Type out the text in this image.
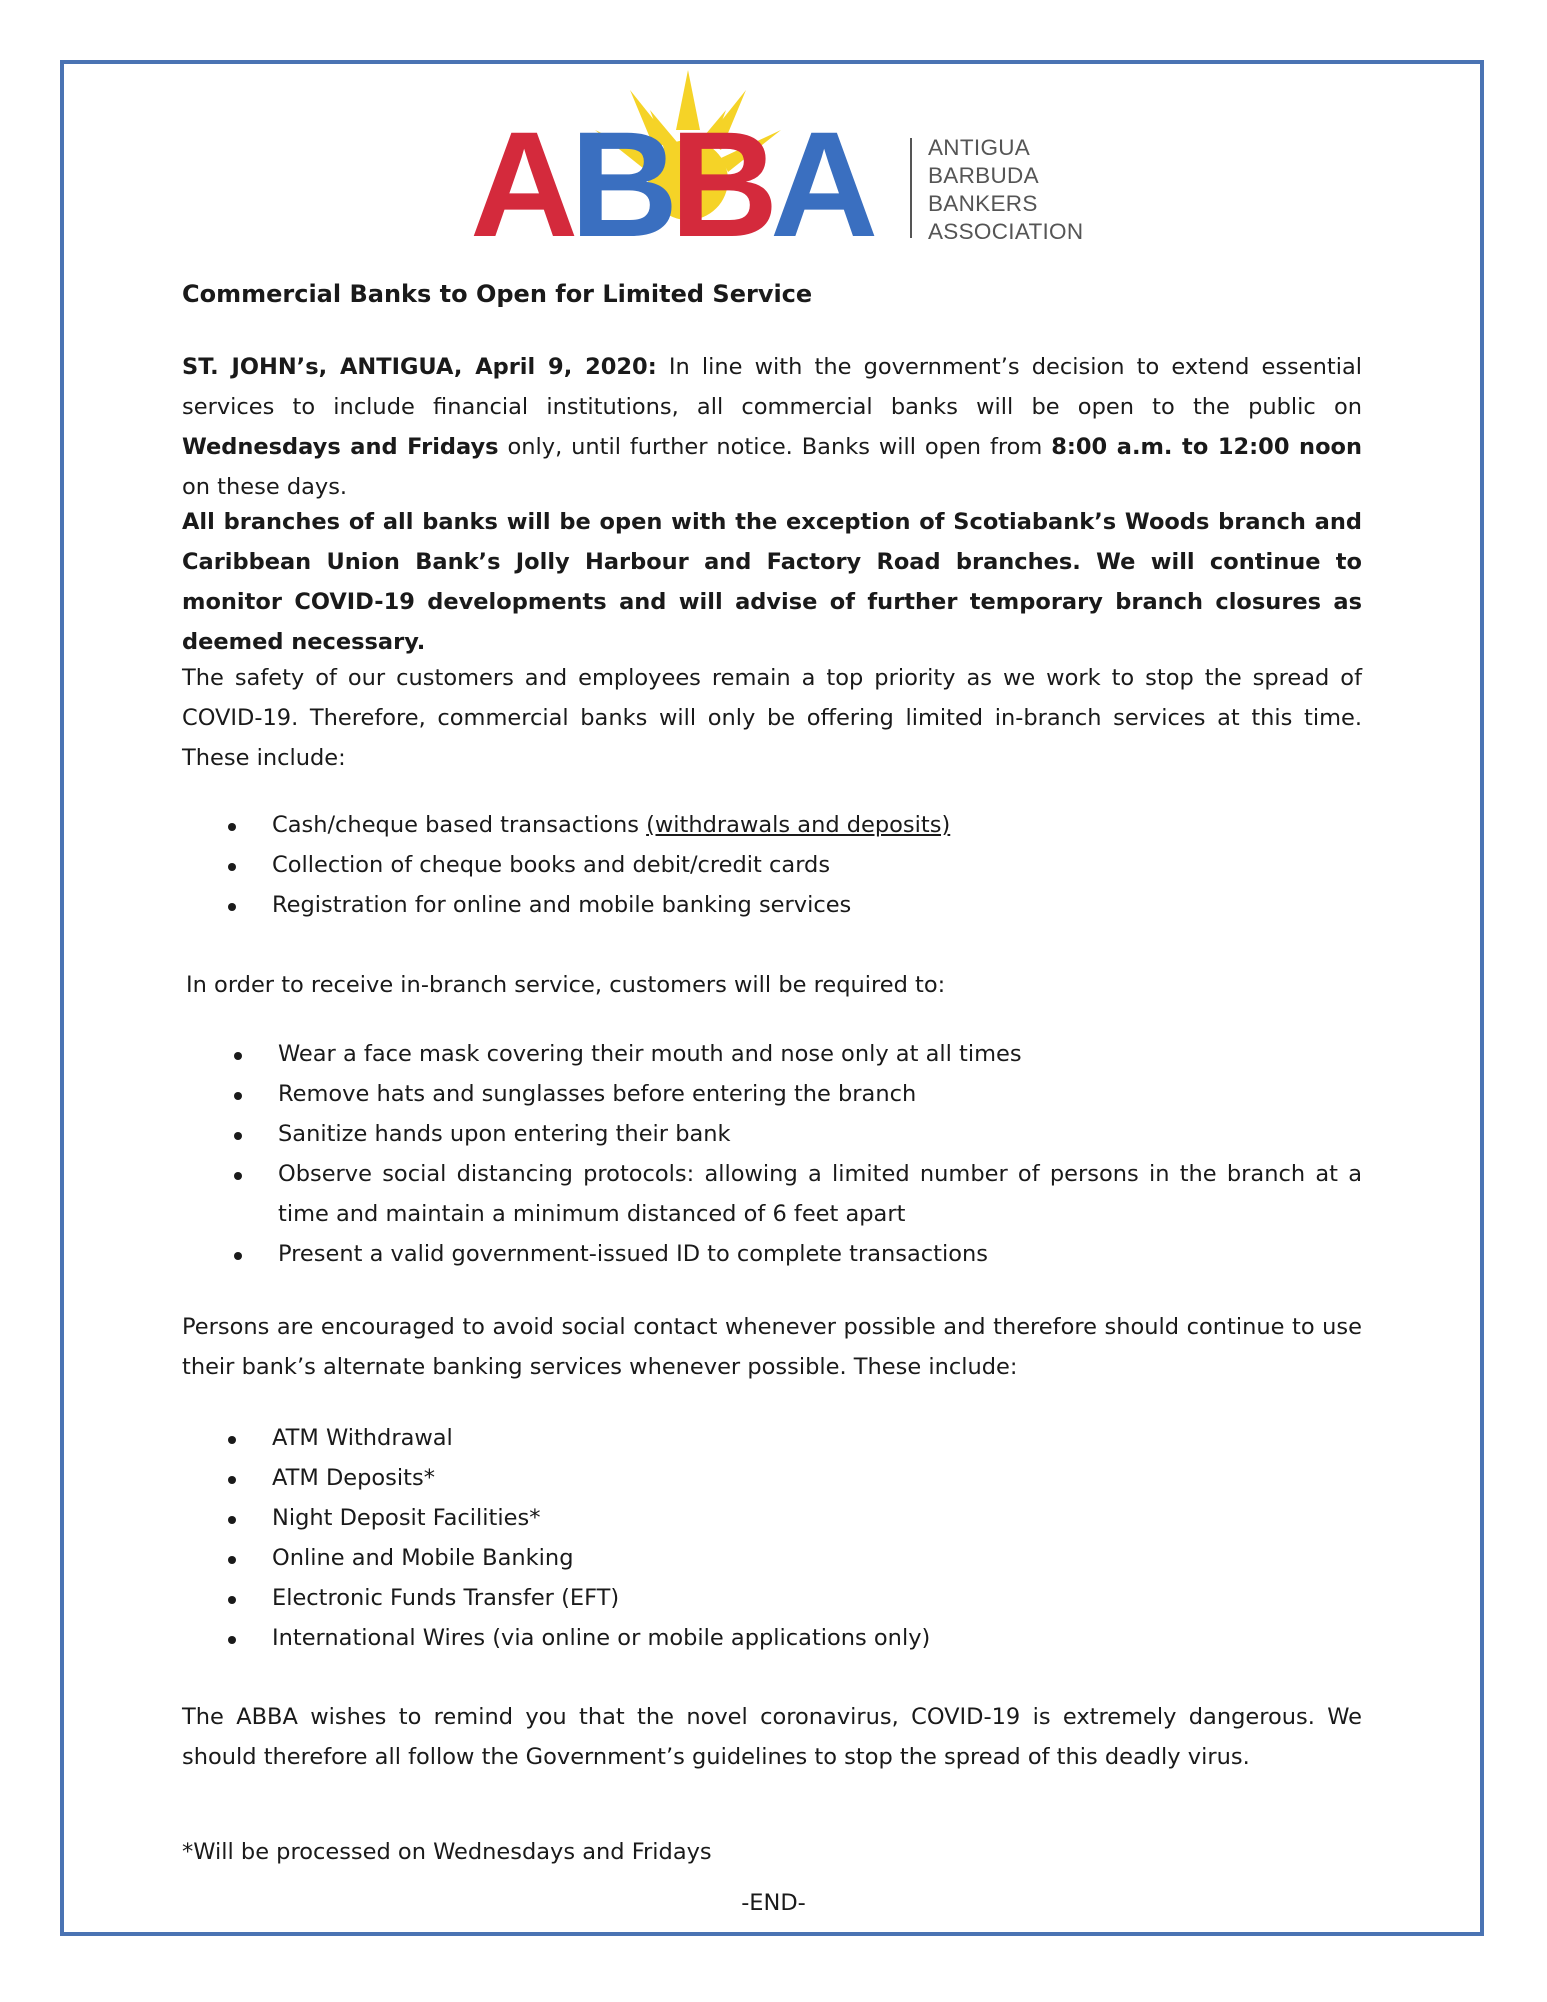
A
B
B
A ANTIGUA
BARBUDA
BANKERS
ASSOCIATION
Commercial Banks to Open for Limited Service

ST. JOHN’s, ANTIGUA, April 9, 2020: In line with the government’s decision to extend essential services to include financial institutions, all commercial banks will be open to the public on Wednesdays and Fridays only, until further notice. Banks will open from 8:00 a.m. to 12:00 noon on these days.

All branches of all banks will be open with the exception of Scotiabank’s Woods branch and Caribbean Union Bank’s Jolly Harbour and Factory Road branches. We will continue to monitor COVID-19 developments and will advise of further temporary branch closures as deemed necessary.

The safety of our customers and employees remain a top priority as we work to stop the spread of COVID-19. Therefore, commercial banks will only be offering limited in-branch services at this time. These include:

Cash/cheque based transactions (withdrawals and deposits)
Collection of cheque books and debit/credit cards
Registration for online and mobile banking services

In order to receive in-branch service, customers will be required to:

Wear a face mask covering their mouth and nose only at all times
Remove hats and sunglasses before entering the branch
Sanitize hands upon entering their bank
Observe social distancing protocols: allowing a limited number of persons in the branch at a time and maintain a minimum distanced of 6 feet apart
Present a valid government-issued ID to complete transactions

Persons are encouraged to avoid social contact whenever possible and therefore should continue to use their bank’s alternate banking services whenever possible. These include:

ATM Withdrawal
ATM Deposits*
Night Deposit Facilities*
Online and Mobile Banking
Electronic Funds Transfer (EFT)
International Wires (via online or mobile applications only)

The ABBA wishes to remind you that the novel coronavirus, COVID-19 is extremely dangerous. We should therefore all follow the Government’s guidelines to stop the spread of this deadly virus.

*Will be processed on Wednesdays and Fridays

-END-
